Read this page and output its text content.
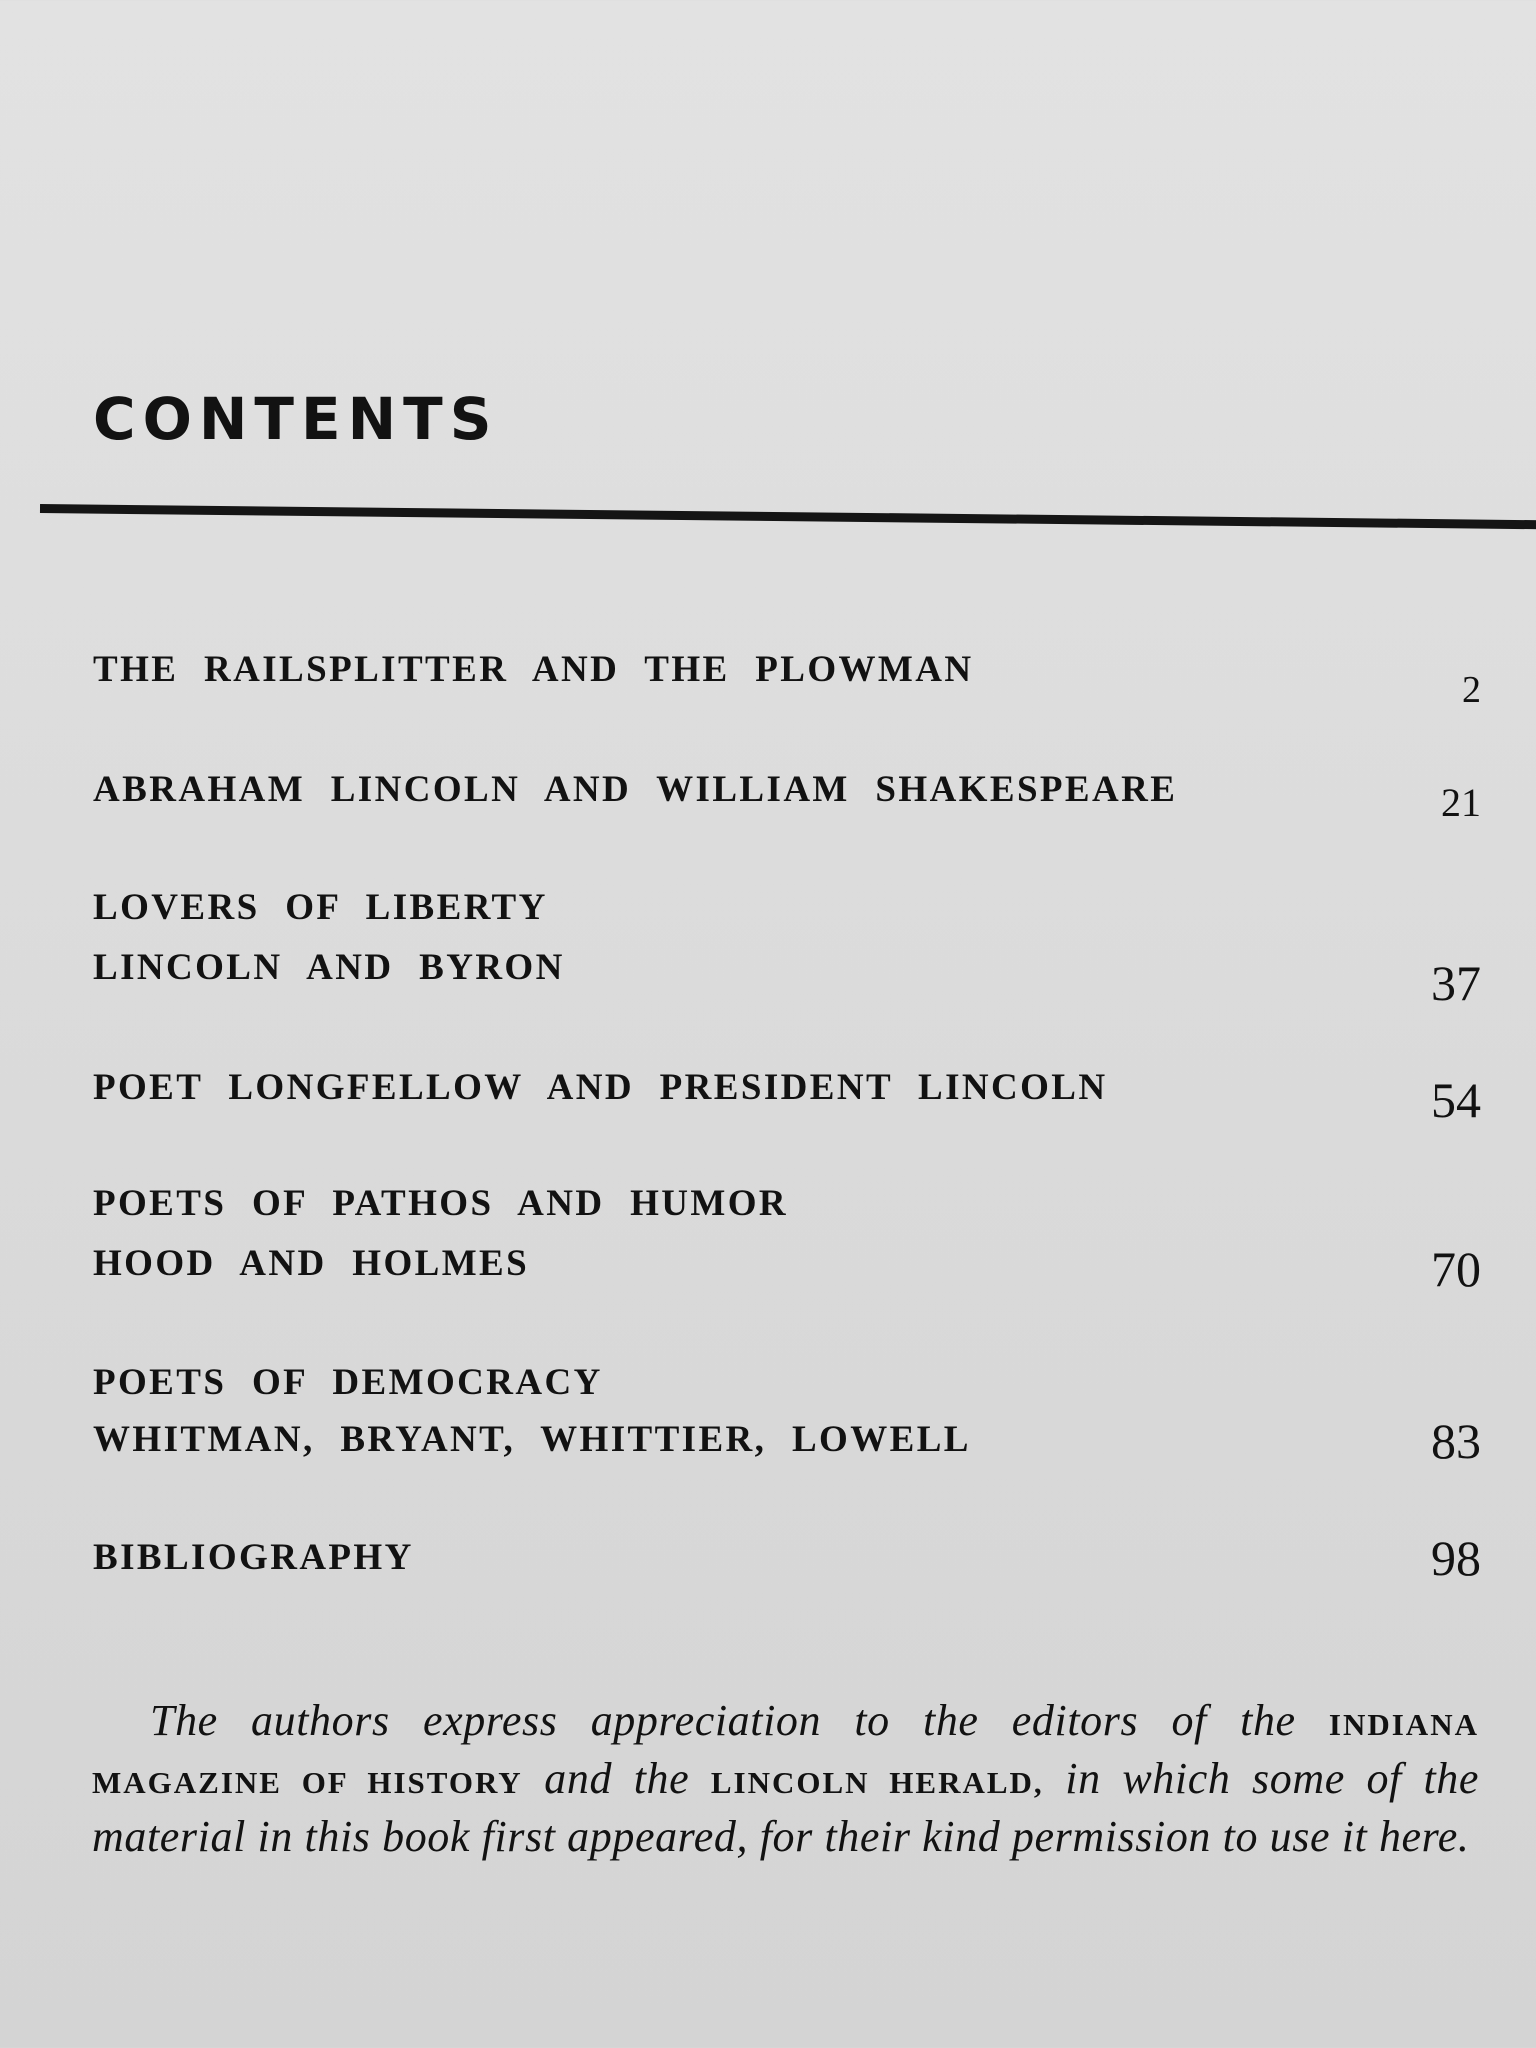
CONTENTS
THE RAILSPLITTER AND THE PLOWMAN	2
ABRAHAM LINCOLN AND WILLIAM SHAKESPEARE	21
LOVERS OF LIBERTY
LINCOLN AND BYRON	37
POET LONGFELLOW AND PRESIDENT LINCOLN	54
POETS OF PATHOS AND HUMOR
HOOD AND HOLMES	70
POETS OF DEMOCRACY
WHITMAN, BRYANT, WHITTIER, LOWELL	83
BIBLIOGRAPHY	98

The authors express appreciation to the editors of the INDIANA MAGAZINE OF HISTORY and the LINCOLN HERALD, in which some of the material in this book first appeared, for their kind permission to use it here.
